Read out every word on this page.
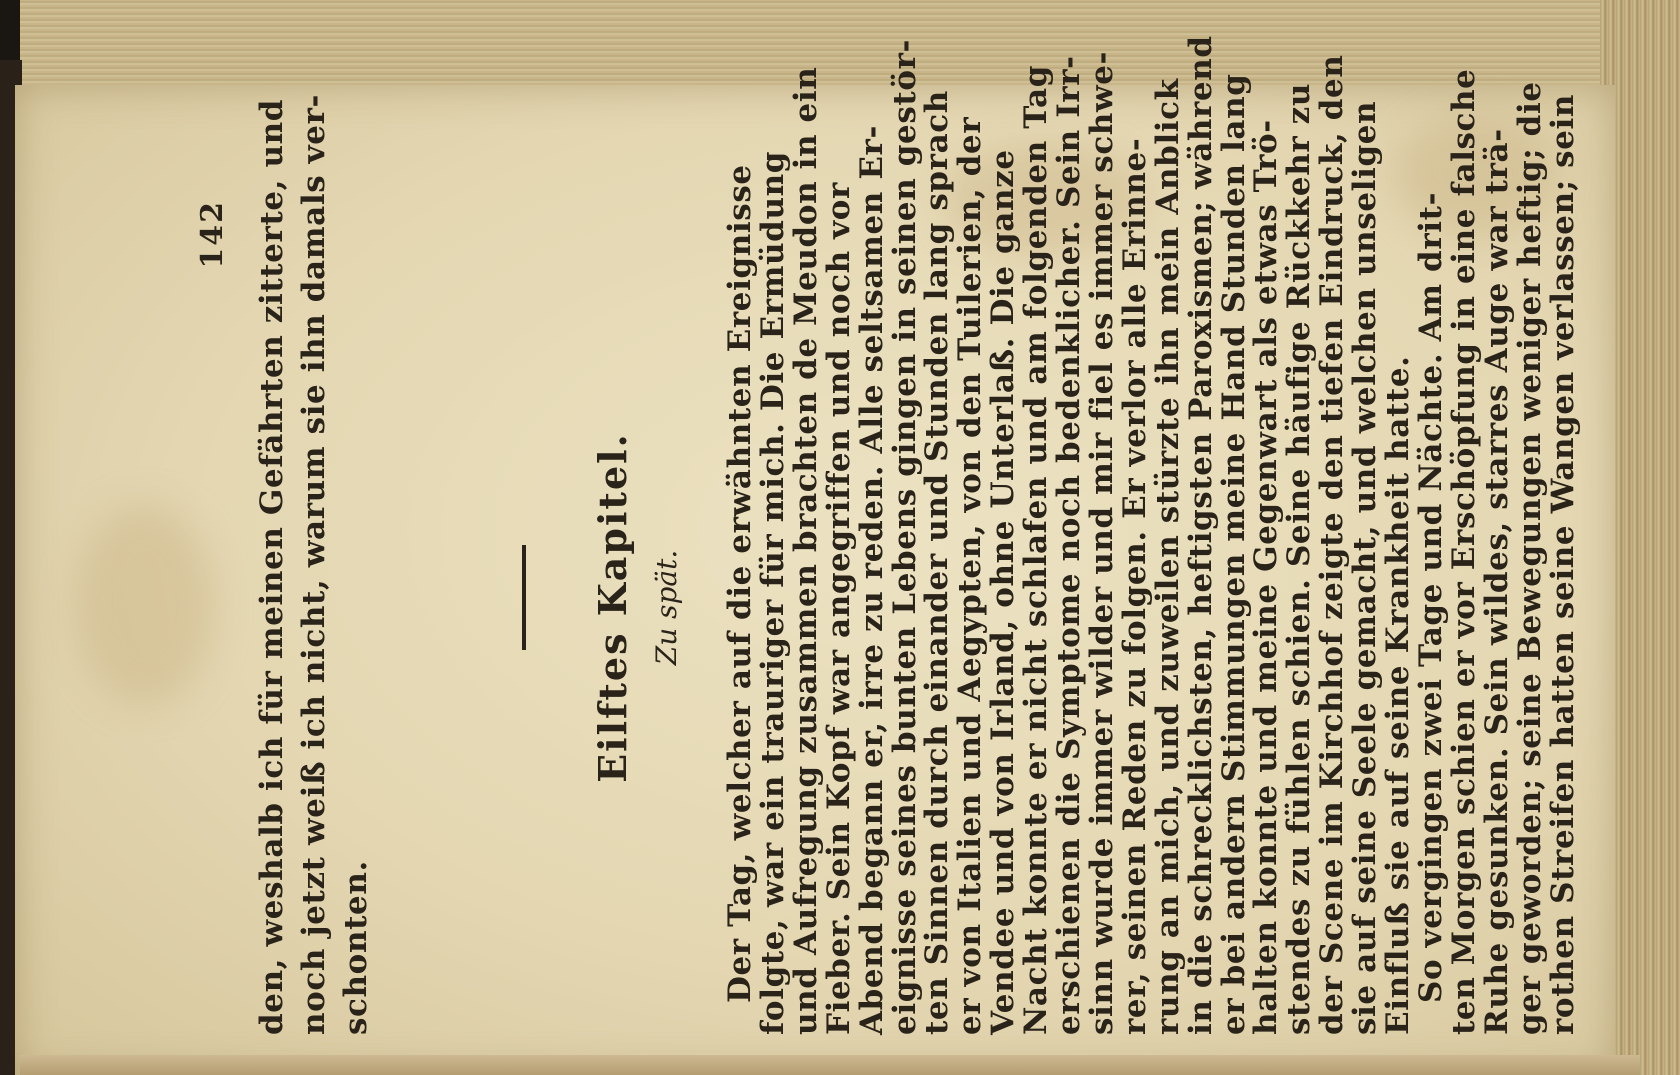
142 den, weshalb ich für meinen Gefährten zitterte, und noch jetzt weiß ich nicht, warum sie ihn damals ver- schonten.
Eilftes Kapitel. Zu spät. Der Tag, welcher auf die erwähnten Ereignisse
folgte, war ein trauriger für mich. Die Ermüdung
und Aufregung zusammen brachten de Meudon in ein
Fieber. Sein Kopf war angegriffen und noch vor
Abend begann er, irre zu reden. Alle seltsamen Er-
eignisse seines bunten Lebens gingen in seinen gestör-
ten Sinnen durch einander und Stunden lang sprach
er von Italien und Aegypten, von den Tuilerien, der
Vendee und von Irland, ohne Unterlaß. Die ganze
Nacht konnte er nicht schlafen und am folgenden Tag
erschienen die Symptome noch bedenklicher. Sein Irr-
sinn wurde immer wilder und mir fiel es immer schwe-
rer, seinen Reden zu folgen. Er verlor alle Erinne-
rung an mich, und zuweilen stürzte ihn mein Anblick
in die schrecklichsten, heftigsten Paroxismen; während
er bei andern Stimmungen meine Hand Stunden lang
halten konnte und meine Gegenwart als etwas Trö-
stendes zu fühlen schien. Seine häufige Rückkehr zu
der Scene im Kirchhof zeigte den tiefen Eindruck, den
sie auf seine Seele gemacht, und welchen unseligen
Einfluß sie auf seine Krankheit hatte.
So vergingen zwei Tage und Nächte. Am drit-
ten Morgen schien er vor Erschöpfung in eine falsche
Ruhe gesunken. Sein wildes, starres Auge war trä-
ger geworden; seine Bewegungen weniger heftig; die
rothen Streifen hatten seine Wangen verlassen; sein
